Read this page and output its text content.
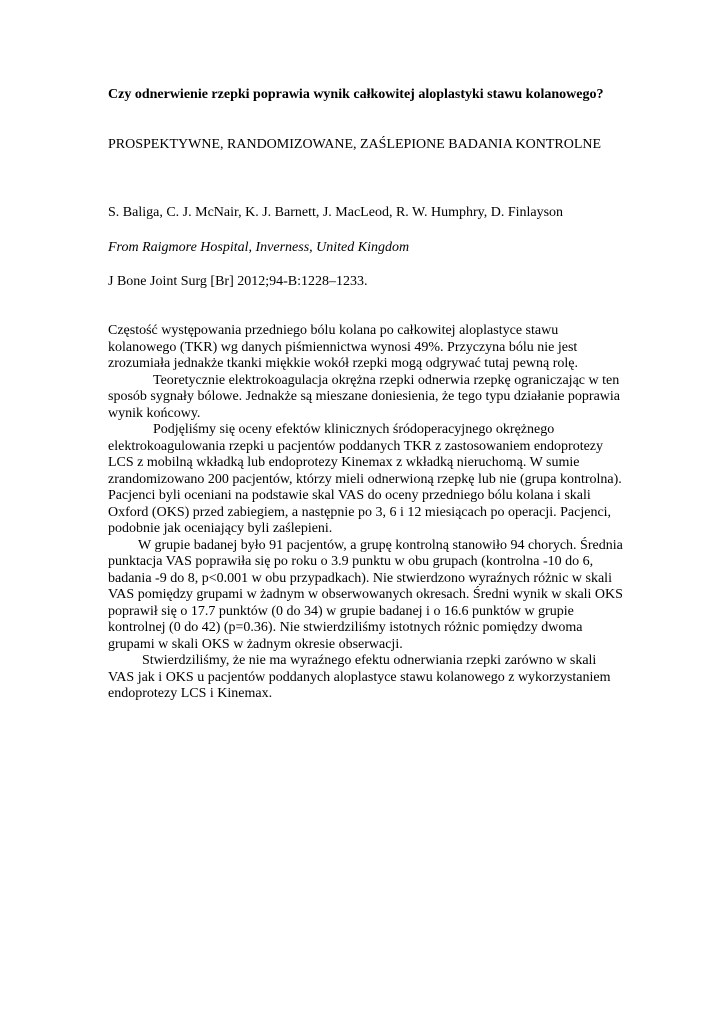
Czy odnerwienie rzepki poprawia wynik całkowitej aloplastyki stawu kolanowego?

PROSPEKTYWNE, RANDOMIZOWANE, ZAŚLEPIONE BADANIA KONTROLNE

S. Baliga, C. J. McNair, K. J. Barnett, J. MacLeod, R. W. Humphry, D. Finlayson

From Raigmore Hospital, Inverness, United Kingdom

J Bone Joint Surg [Br] 2012;94-B:1228–1233.

Częstość występowania przedniego bólu kolana po całkowitej aloplastyce stawu kolanowego (TKR) wg danych piśmiennictwa wynosi 49%. Przyczyna bólu nie jest zrozumiała jednakże tkanki miękkie wokół rzepki mogą odgrywać tutaj pewną rolę.

Teoretycznie elektrokoagulacja okrężna rzepki odnerwia rzepkę ograniczając w ten sposób sygnały bólowe. Jednakże są mieszane doniesienia, że tego typu działanie poprawia wynik końcowy.

Podjęliśmy się oceny efektów klinicznych śródoperacyjnego okrężnego elektrokoagulowania rzepki u pacjentów poddanych TKR z zastosowaniem endoprotezy LCS z mobilną wkładką lub endoprotezy Kinemax z wkładką nieruchomą. W sumie zrandomizowano 200 pacjentów, którzy mieli odnerwioną rzepkę lub nie (grupa kontrolna). Pacjenci byli oceniani na podstawie skal VAS do oceny przedniego bólu kolana i skali Oxford (OKS) przed zabiegiem, a następnie po 3, 6 i 12 miesiącach po operacji. Pacjenci, podobnie jak oceniający byli zaślepieni.

W grupie badanej było 91 pacjentów, a grupę kontrolną stanowiło 94 chorych. Średnia punktacja VAS poprawiła się po roku o 3.9 punktu w obu grupach (kontrolna -10 do 6, badania -9 do 8, p<0.001 w obu przypadkach). Nie stwierdzono wyraźnych różnic w skali VAS pomiędzy grupami w żadnym w obserwowanych okresach. Średni wynik w skali OKS poprawił się o 17.7 punktów (0 do 34) w grupie badanej i o 16.6 punktów w grupie kontrolnej (0 do 42) (p=0.36). Nie stwierdziliśmy istotnych różnic pomiędzy dwoma grupami w skali OKS w żadnym okresie obserwacji.

Stwierdziliśmy, że nie ma wyraźnego efektu odnerwiania rzepki zarówno w skali VAS jak i OKS u pacjentów poddanych aloplastyce stawu kolanowego z wykorzystaniem endoprotezy LCS i Kinemax.
